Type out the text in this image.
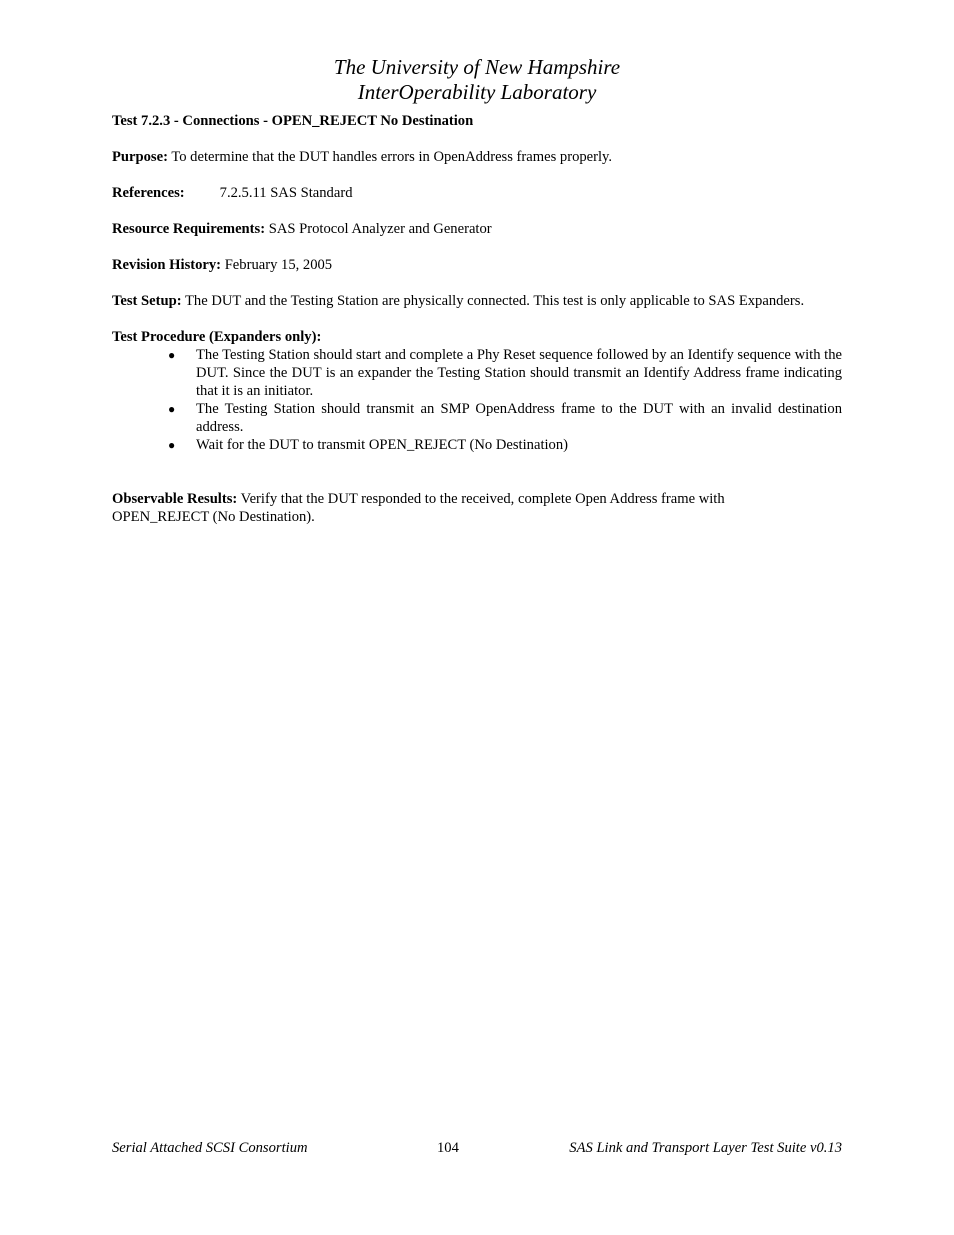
The University of New Hampshire
InterOperability Laboratory
Test 7.2.3 - Connections - OPEN_REJECT No Destination
Purpose: To determine that the DUT handles errors in OpenAddress frames properly.
References: 7.2.5.11 SAS Standard
Resource Requirements: SAS Protocol Analyzer and Generator
Revision History: February 15, 2005
Test Setup: The DUT and the Testing Station are physically connected. This test is only applicable to SAS Expanders.
Test Procedure (Expanders only):
● The Testing Station should start and complete a Phy Reset sequence followed by an Identify sequence with the DUT. Since the DUT is an expander the Testing Station should transmit an Identify Address frame indicating that it is an initiator.
● The Testing Station should transmit an SMP OpenAddress frame to the DUT with an invalid destination address.
● Wait for the DUT to transmit OPEN_REJECT (No Destination)
Observable Results: Verify that the DUT responded to the received, complete Open Address frame with
OPEN_REJECT (No Destination).
Serial Attached SCSI Consortium	104	SAS Link and Transport Layer Test Suite v0.13
